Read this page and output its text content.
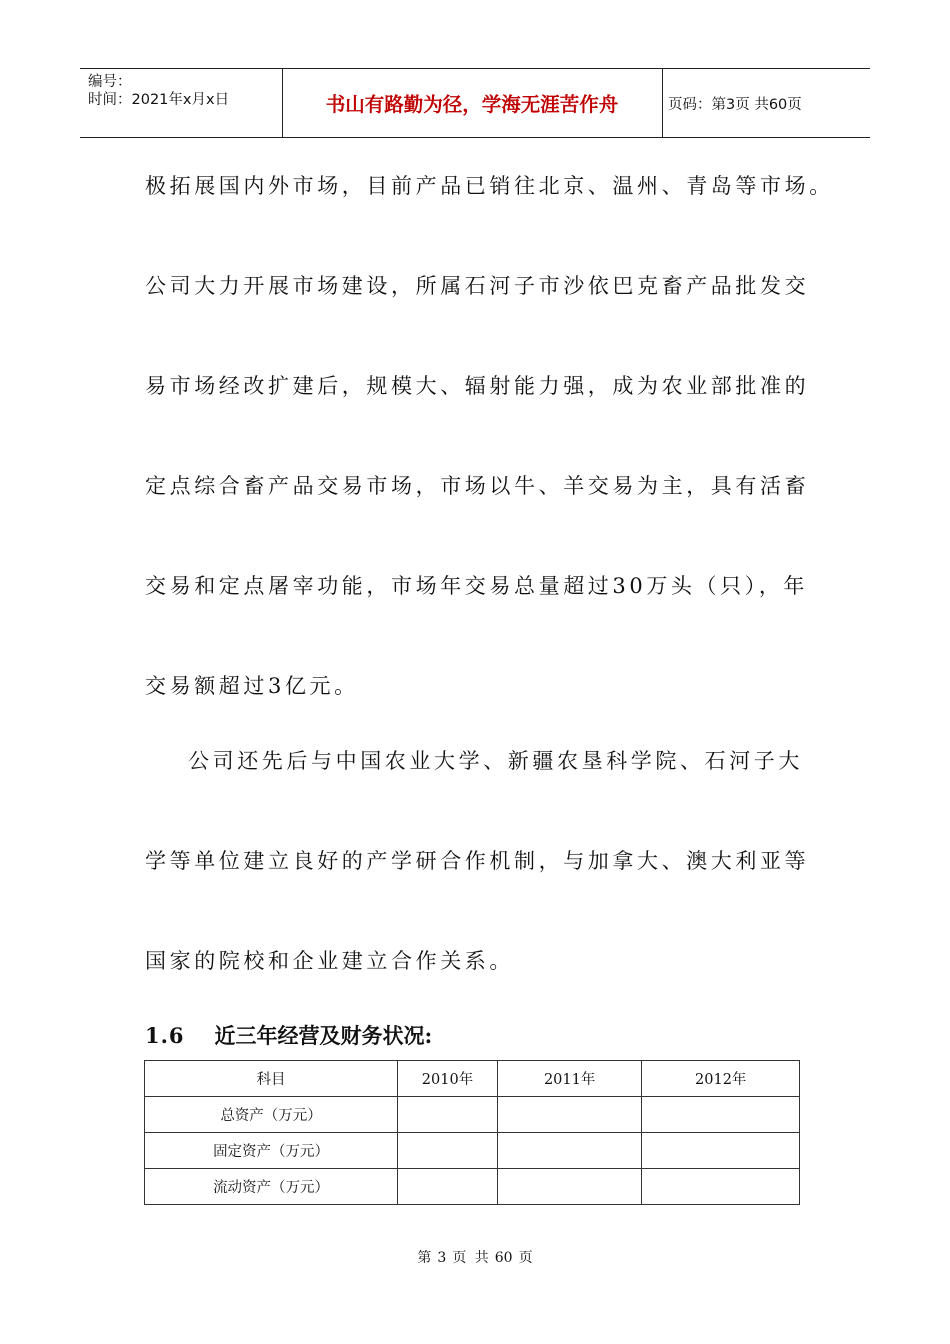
编号：
时间：2021年x月x日	书山有路勤为径，学海无涯苦作舟	页码：第3页 共60页
极拓展国内外市场，目前产品已销往北京、温州、青岛等市场。
公司大力开展市场建设，所属石河子市沙依巴克畜产品批发交
易市场经改扩建后，规模大、辐射能力强，成为农业部批准的
定点综合畜产品交易市场，市场以牛、羊交易为主，具有活畜
交易和定点屠宰功能，市场年交易总量超过30万头（只），年
交易额超过3亿元。
公司还先后与中国农业大学、新疆农垦科学院、石河子大
学等单位建立良好的产学研合作机制，与加拿大、澳大利亚等
国家的院校和企业建立合作关系。
1.6 近三年经营及财务状况:
科目	2010年	2011年	2012年
总资产（万元）			
固定资产（万元）			
流动资产（万元）			
第 3 页 共 60 页
